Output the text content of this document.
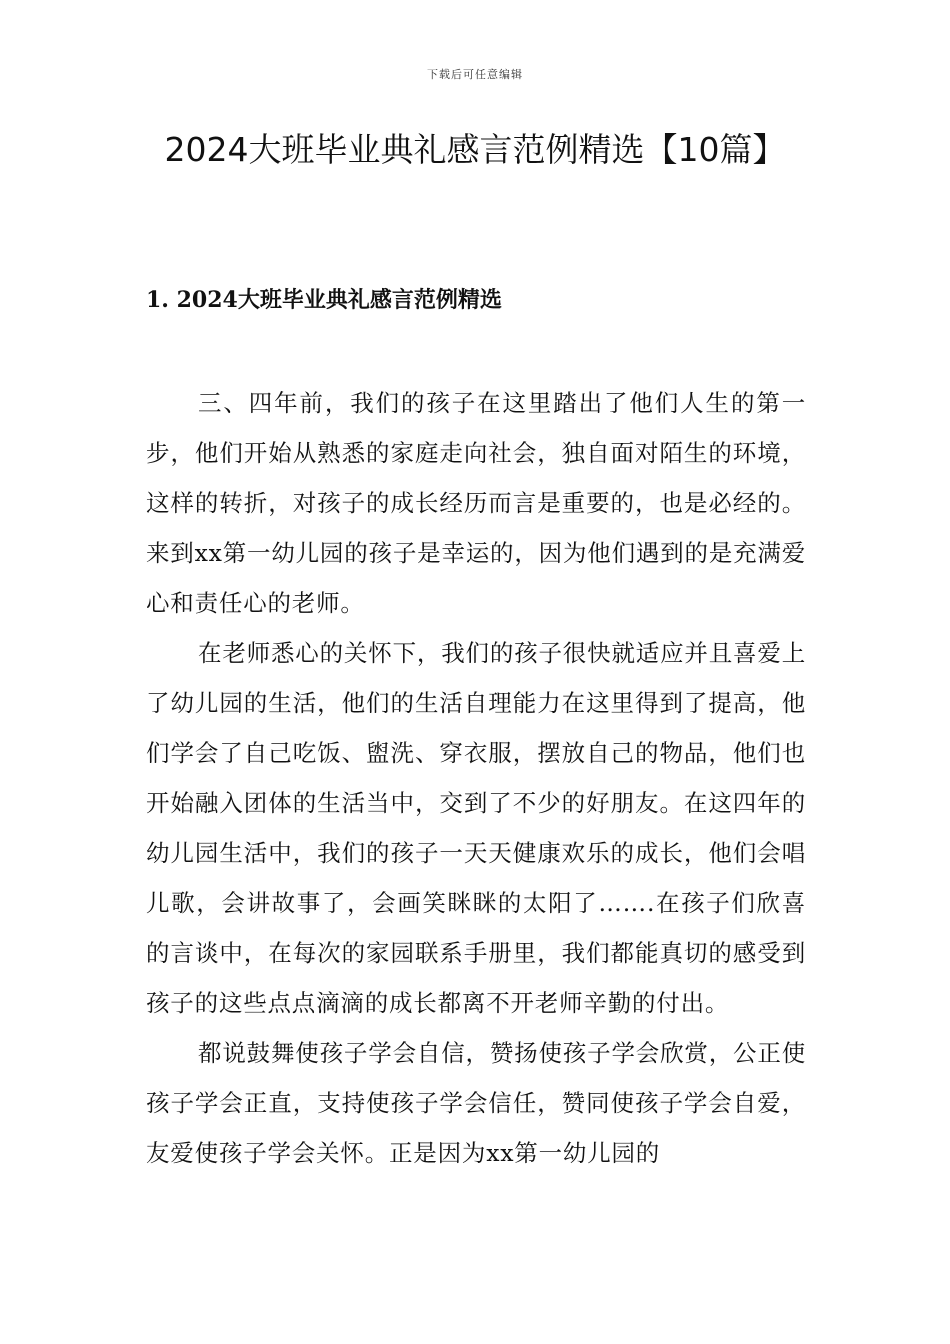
下载后可任意编辑
2024大班毕业典礼感言范例精选【10篇】
1. 2024大班毕业典礼感言范例精选

三、四年前，我们的孩子在这里踏出了他们人生的第一步，他们开始从熟悉的家庭走向社会，独自面对陌生的环境，这样的转折，对孩子的成长经历而言是重要的，也是必经的。来到xx第一幼儿园的孩子是幸运的，因为他们遇到的是充满爱心和责任心的老师。

在老师悉心的关怀下，我们的孩子很快就适应并且喜爱上了幼儿园的生活，他们的生活自理能力在这里得到了提高，他们学会了自己吃饭、盥洗、穿衣服，摆放自己的物品，他们也开始融入团体的生活当中，交到了不少的好朋友。在这四年的幼儿园生活中，我们的孩子一天天健康欢乐的成长，他们会唱儿歌，会讲故事了，会画笑眯眯的太阳了…….在孩子们欣喜的言谈中，在每次的家园联系手册里，我们都能真切的感受到孩子的这些点点滴滴的成长都离不开老师辛勤的付出。

都说鼓舞使孩子学会自信，赞扬使孩子学会欣赏，公正使孩子学会正直，支持使孩子学会信任，赞同使孩子学会自爱，友爱使孩子学会关怀。正是因为xx第一幼儿园的
